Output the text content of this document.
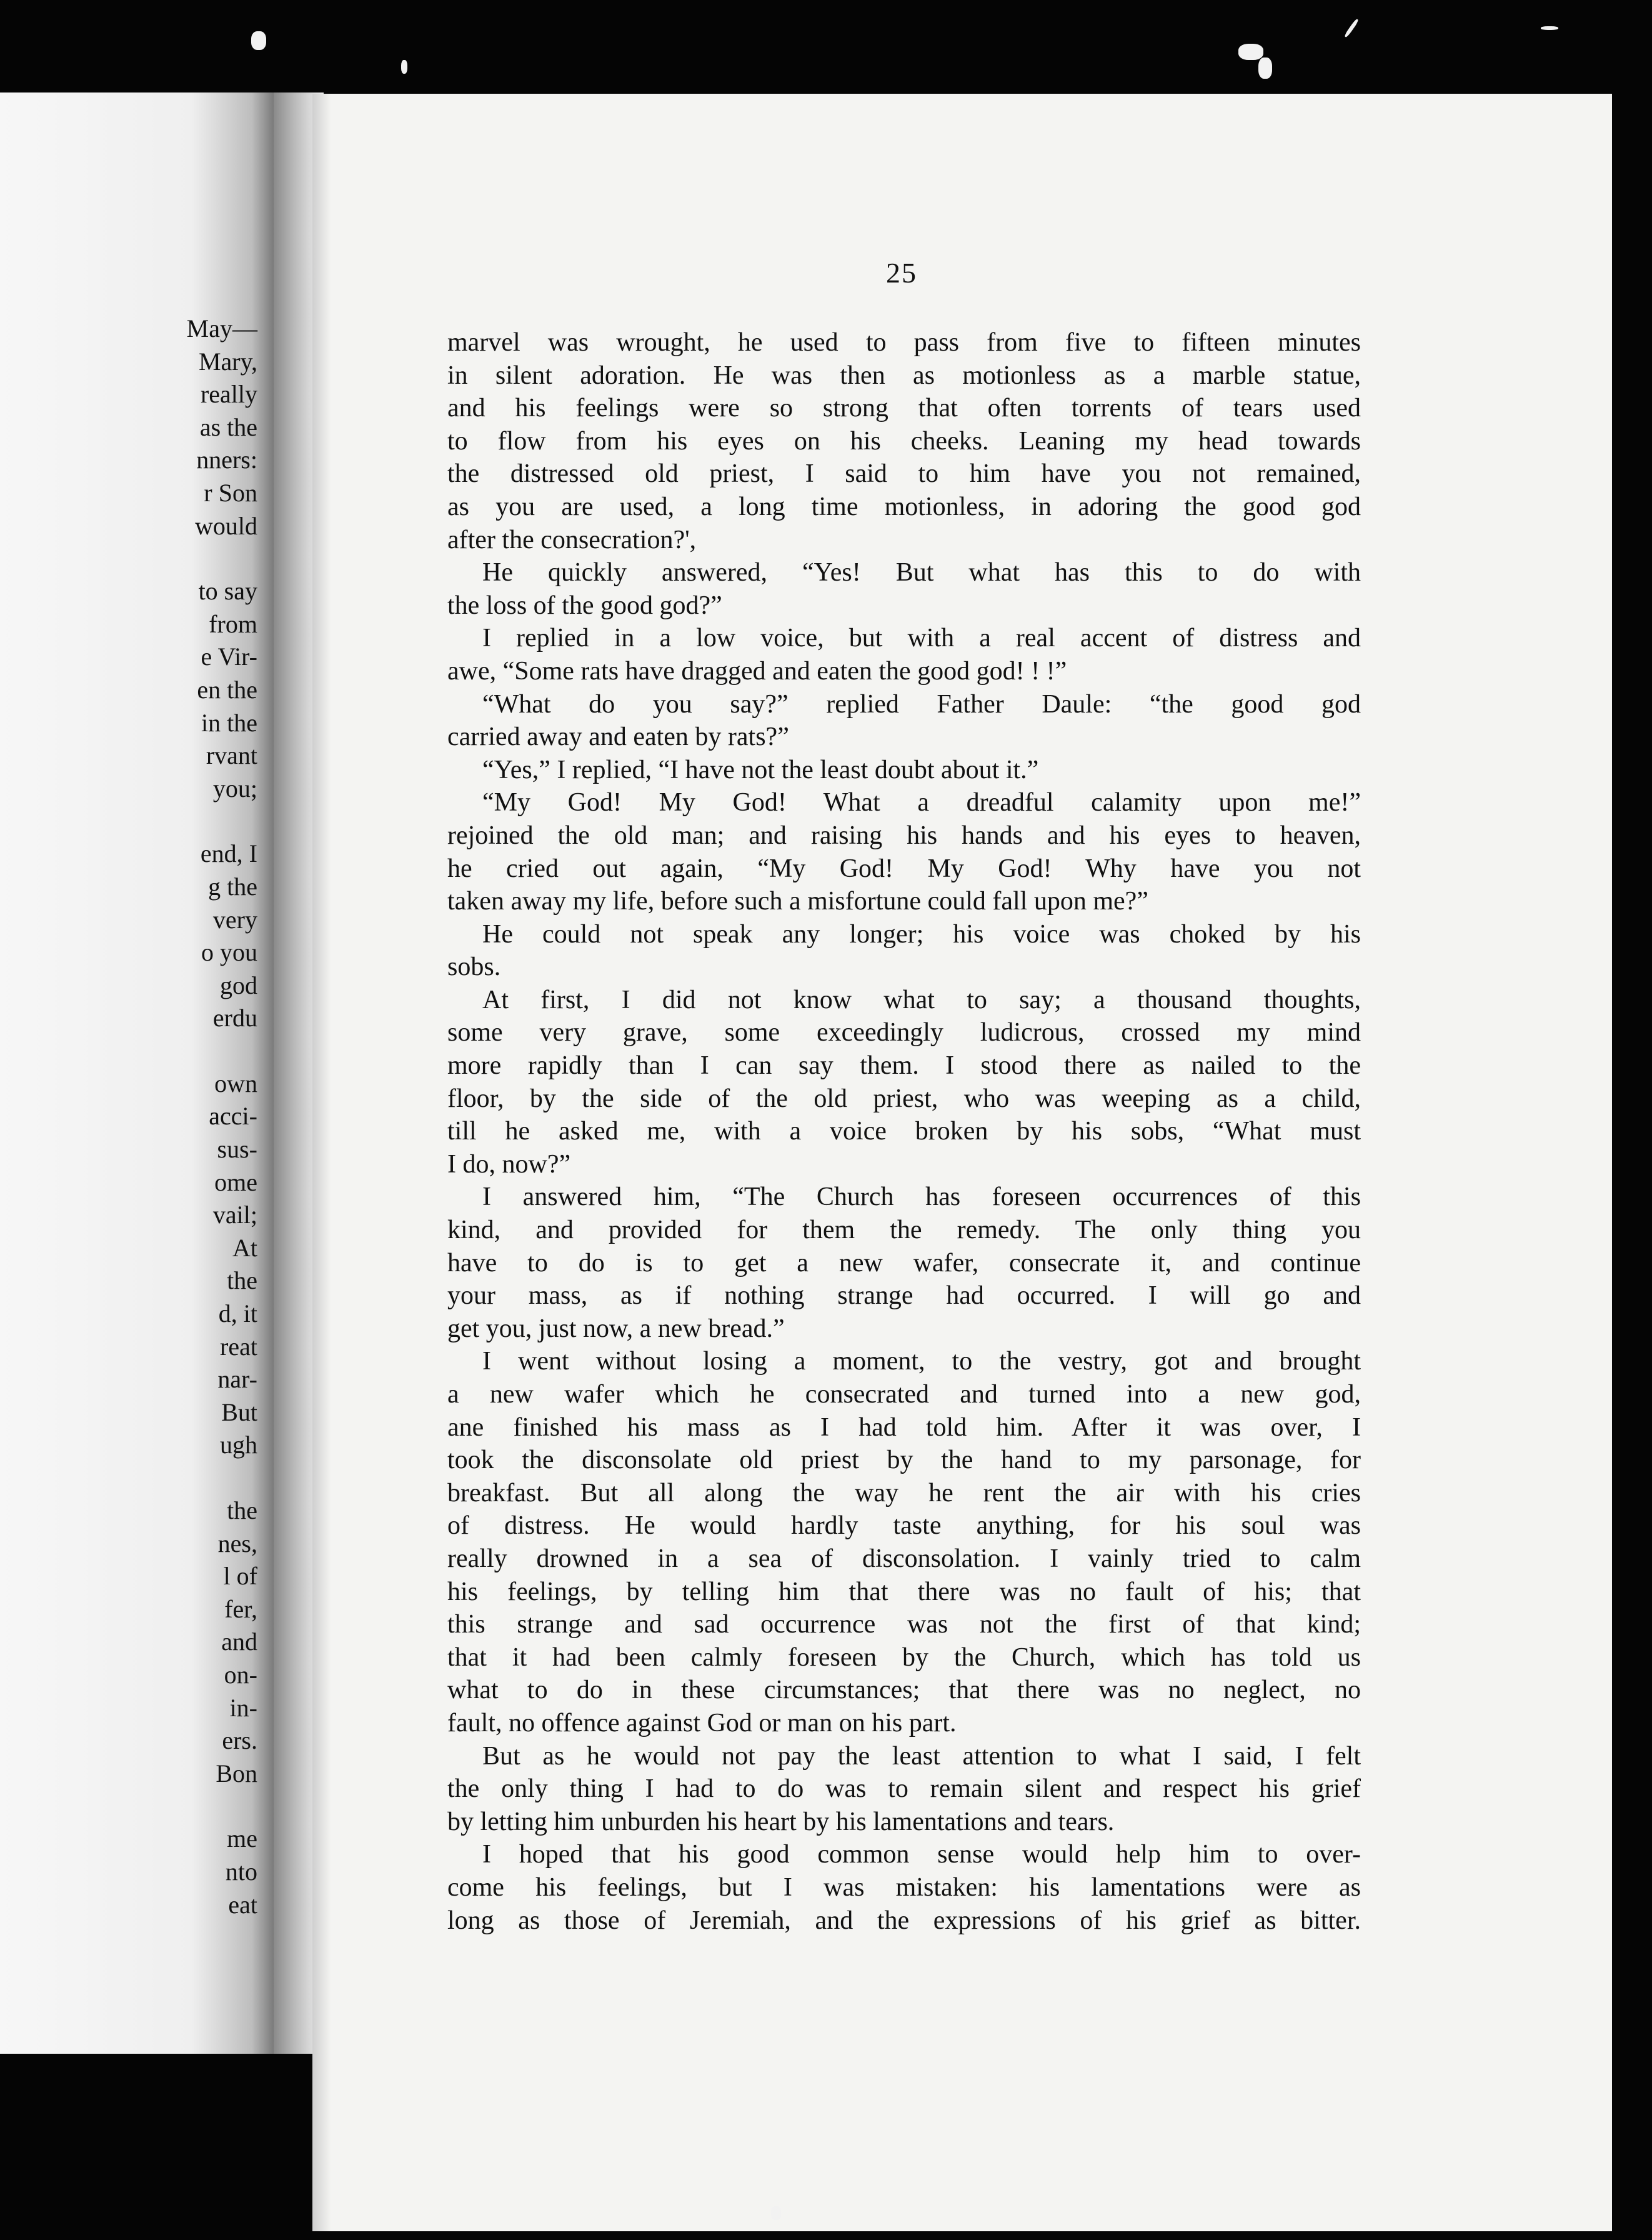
May—
Mary,
really
as the
nners:
r Son
would
to say
from
e Vir-
en the
in the
rvant
you;
end, I
g the
very
o you
god
erdu
own
acci-
sus-
ome
vail;
At
the
d, it
reat
nar-
But
ugh
the
nes,
l of
fer,
and
on-
in-
ers.
Bon
me
nto
eat
25
marvel was wrought, he used to pass from five to fifteen minutes
in silent adoration. He was then as motionless as a marble statue,
and his feelings were so strong that often torrents of tears used
to flow from his eyes on his cheeks. Leaning my head towards
the distressed old priest, I said to him have you not remained,
as you are used, a long time motionless, in adoring the good god
after the consecration?',
He quickly answered, “Yes! But what has this to do with
the loss of the good god?”
I replied in a low voice, but with a real accent of distress and
awe, “Some rats have dragged and eaten the good god! ! !”
“What do you say?” replied Father Daule: “the good god
carried away and eaten by rats?”
“Yes,” I replied, “I have not the least doubt about it.”
“My God! My God! What a dreadful calamity upon me!”
rejoined the old man; and raising his hands and his eyes to heaven,
he cried out again, “My God! My God! Why have you not
taken away my life, before such a misfortune could fall upon me?”
He could not speak any longer; his voice was choked by his
sobs.
At first, I did not know what to say; a thousand thoughts,
some very grave, some exceedingly ludicrous, crossed my mind
more rapidly than I can say them. I stood there as nailed to the
floor, by the side of the old priest, who was weeping as a child,
till he asked me, with a voice broken by his sobs, “What must
I do, now?”
I answered him, “The Church has foreseen occurrences of this
kind, and provided for them the remedy. The only thing you
have to do is to get a new wafer, consecrate it, and continue
your mass, as if nothing strange had occurred. I will go and
get you, just now, a new bread.”
I went without losing a moment, to the vestry, got and brought
a new wafer which he consecrated and turned into a new god,
ane finished his mass as I had told him. After it was over, I
took the disconsolate old priest by the hand to my parsonage, for
breakfast. But all along the way he rent the air with his cries
of distress. He would hardly taste anything, for his soul was
really drowned in a sea of disconsolation. I vainly tried to calm
his feelings, by telling him that there was no fault of his; that
this strange and sad occurrence was not the first of that kind;
that it had been calmly foreseen by the Church, which has told us
what to do in these circumstances; that there was no neglect, no
fault, no offence against God or man on his part.
But as he would not pay the least attention to what I said, I felt
the only thing I had to do was to remain silent and respect his grief
by letting him unburden his heart by his lamentations and tears.
I hoped that his good common sense would help him to over-
come his feelings, but I was mistaken: his lamentations were as
long as those of Jeremiah, and the expressions of his grief as bitter.
